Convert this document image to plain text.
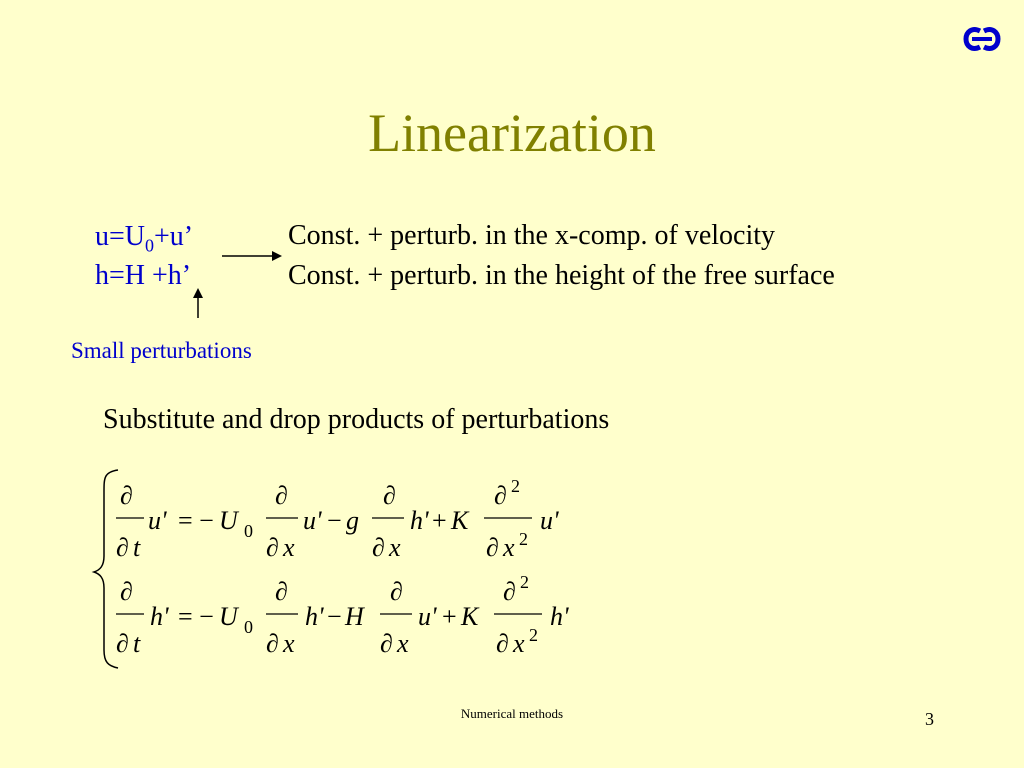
Linearization
$u=U_0+u$’	Const. + perturb. in the x-comp. of velocity
h=H +h’	Const. + perturb. in the height of the free surface
Small perturbations
Substitute and drop products of perturbations
∂
∂ t
u' = − U 0
∂
∂ x
u' − g
∂
∂ x
h' + K
∂ 2
∂ x 2
u'
∂
∂ t
h' = − U 0
∂
∂ x
h' − H
∂
∂ x
u' + K
∂ 2
∂ x 2
h'
Numerical methods	3
